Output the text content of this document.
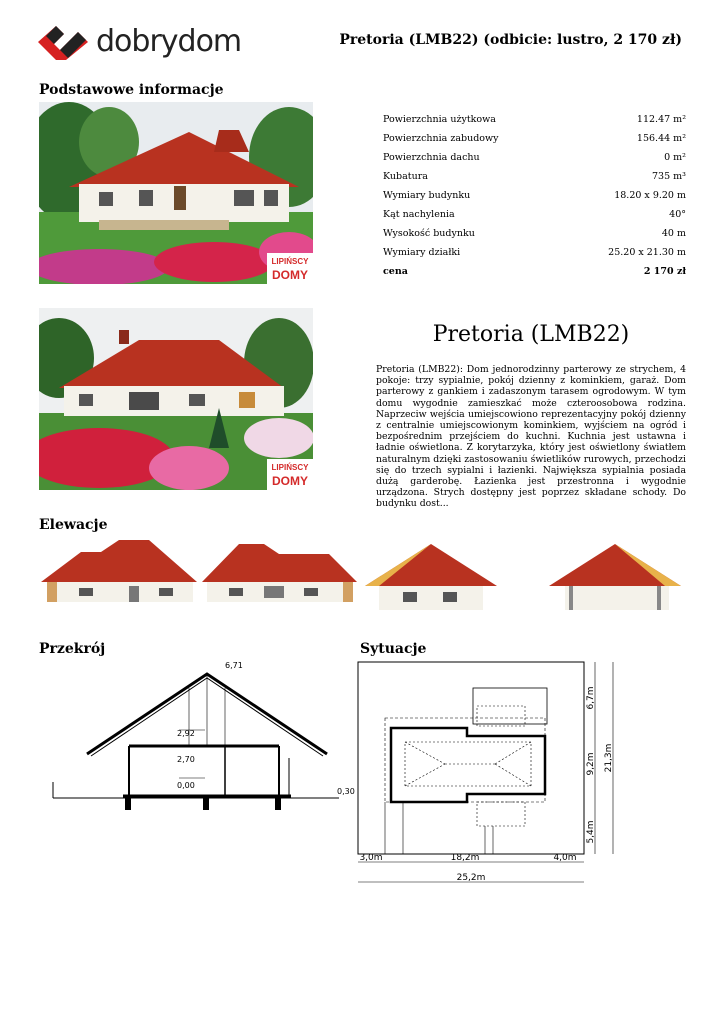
dobrydom	Pretoria (LMB22) (odbicie: lustro, 2 170 zł)
Podstawowe informacje
LIPIŃSCY
DOMY
LIPIŃSCY
DOMY
Powierzchnia użytkowa	112.47 m²
Powierzchnia zabudowy	156.44 m²
Powierzchnia dachu	0 m²
Kubatura	735 m³
Wymiary budynku	18.20 x 9.20 m
Kąt nachylenia	40°
Wysokość budynku	40 m
Wymiary działki	25.20 x 21.30 m
cena	2 170 zł
Pretoria (LMB22)
Pretoria (LMB22): Dom jednorodzinny parterowy ze strychem, 4 pokoje: trzy sypialnie, pokój dzienny z kominkiem, garaż. Dom parterowy z gankiem i zadaszonym tarasem ogrodowym. W tym domu wygodnie zamieszkać może czteroosobowa rodzina. Naprzeciw wejścia umiejscowiono reprezentacyjny pokój dzienny z centralnie umiejscowionym kominkiem, wyjściem na ogród i bezpośrednim przejściem do kuchni. Kuchnia jest ustawna i ładnie oświetlona. Z korytarzyka, który jest oświetlony światłem naturalnym dzięki zastosowaniu świetlików rurowych, przechodzi się do trzech sypialni i łazienki. Największa sypialnia posiada dużą garderobę. Łazienka jest przestronna i wygodnie urządzona. Strych dostępny jest poprzez składane schody. Do budynku dost...
Elewacje
Przekrój
6,71
2,92
2,70
0,00
0,30
Sytuacje
6,7m
9,2m
5,4m
21,3m
3,0m	18,2m	4,0m
25,2m
